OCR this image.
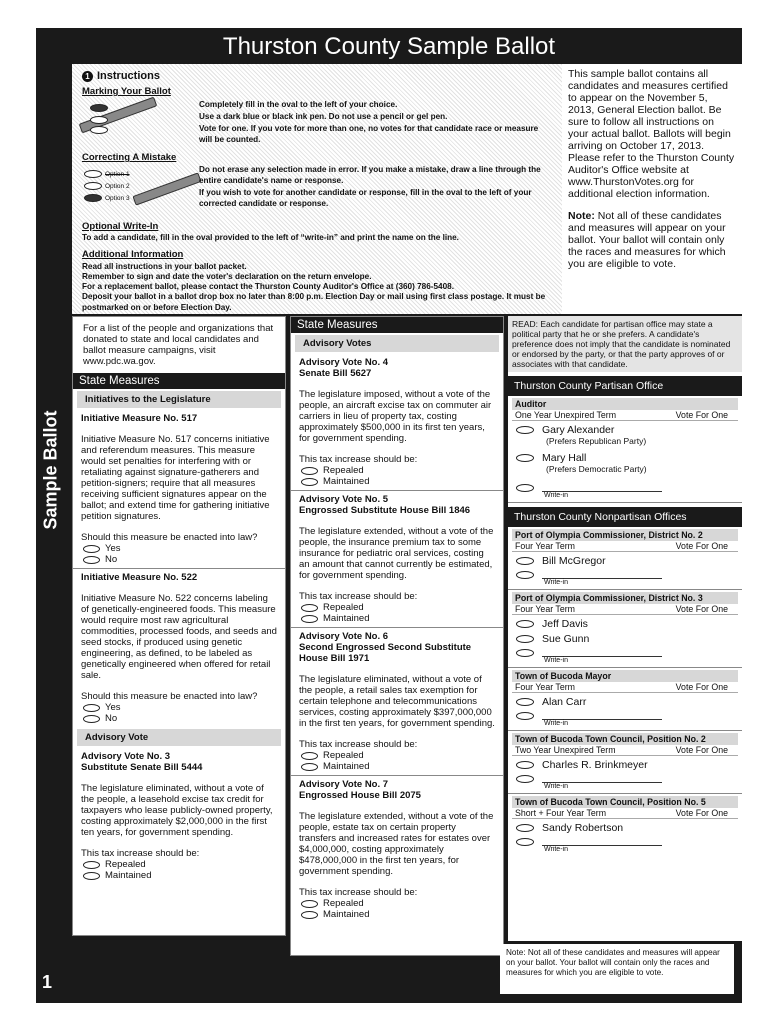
Thurston County Sample Ballot
Sample Ballot
1
1 Instructions
Marking Your Ballot
Completely fill in the oval to the left of your choice.
Use a dark blue or black ink pen. Do not use a pencil or gel pen.
Vote for one. If you vote for more than one, no votes for that candidate race or measure will be counted.
Correcting A Mistake
Option 1
Option 2
Option 3
Do not erase any selection made in error. If you make a mistake, draw a line through the entire candidate's name or response.
If you wish to vote for another candidate or response, fill in the oval to the left of your corrected candidate or response.
Optional Write-In
To add a candidate, fill in the oval provided to the left of “write-in” and print the name on the line.
Additional Information
Read all instructions in your ballot packet.
Remember to sign and date the voter's declaration on the return envelope.
For a replacement ballot, please contact the Thurston County Auditor's Office at (360) 786-5408.
Deposit your ballot in a ballot drop box no later than 8:00 p.m. Election Day or mail using first class postage. It must be postmarked on or before Election Day.

This sample ballot contains all candidates and measures certified to appear on the November 5, 2013, General Election ballot. Be sure to follow all instructions on your actual ballot. Ballots will begin arriving on October 17, 2013. Please refer to the Thurston County Auditor's Office website at www.ThurstonVotes.org for additional election information.

Note: Not all of these candidates and measures will appear on your ballot. Your ballot will contain only the races and measures for which you are eligible to vote.

For a list of the people and organizations that donated to state and local candidates and ballot measure campaigns, visit www.pdc.wa.gov.
State Measures
Initiatives to the Legislature
Initiative Measure No. 517
Initiative Measure No. 517 concerns initiative and referendum measures. This measure would set penalties for interfering with or retaliating against signature-gatherers and petition-signers; require that all measures receiving sufficient signatures appear on the ballot; and extend time for gathering initiative petition signatures.
Should this measure be enacted into law?
Yes
No
Initiative Measure No. 522
Initiative Measure No. 522 concerns labeling of genetically-engineered foods. This measure would require most raw agricultural commodities, processed foods, and seeds and seed stocks, if produced using genetic engineering, as defined, to be labeled as genetically engineered when offered for retail sale.
Should this measure be enacted into law?
Yes
No
Advisory Vote
Advisory Vote No. 3
Substitute Senate Bill 5444
The legislature eliminated, without a vote of the people, a leasehold excise tax credit for taxpayers who lease publicly-owned property, costing approximately $2,000,000 in the first ten years, for government spending.
This tax increase should be:
Repealed
Maintained
State Measures
Advisory Votes
Advisory Vote No. 4
Senate Bill 5627
The legislature imposed, without a vote of the people, an aircraft excise tax on commuter air carriers in lieu of property tax, costing approximately $500,000 in its first ten years, for government spending.
This tax increase should be:
Repealed
Maintained
Advisory Vote No. 5
Engrossed Substitute House Bill 1846
The legislature extended, without a vote of the people, the insurance premium tax to some insurance for pediatric oral services, costing an amount that cannot currently be estimated, for government spending.
This tax increase should be:
Repealed
Maintained
Advisory Vote No. 6
Second Engrossed Second Substitute House Bill 1971
The legislature eliminated, without a vote of the people, a retail sales tax exemption for certain telephone and telecommunications services, costing approximately $397,000,000 in the first ten years, for government spending.
This tax increase should be:
Repealed
Maintained
Advisory Vote No. 7
Engrossed House Bill 2075
The legislature extended, without a vote of the people, estate tax on certain property transfers and increased rates for estates over $4,000,000, costing approximately $478,000,000 in the first ten years, for government spending.
This tax increase should be:
Repealed
Maintained
READ: Each candidate for partisan office may state a political party that he or she prefers. A candidate's preference does not imply that the candidate is nominated or endorsed by the party, or that the party approves of or associates with that candidate.
Thurston County Partisan Office
Auditor
One Year Unexpired Term	Vote For One
Gary Alexander
(Prefers Republican Party)
Mary Hall
(Prefers Democratic Party)
Write-in
Thurston County Nonpartisan Offices
Port of Olympia Commissioner, District No. 2
Four Year Term	Vote For One
Bill McGregor
Write-in
Port of Olympia Commissioner, District No. 3
Four Year Term	Vote For One
Jeff Davis
Sue Gunn
Write-in
Town of Bucoda Mayor
Four Year Term	Vote For One
Alan Carr
Write-in
Town of Bucoda Town Council, Position No. 2
Two Year Unexpired Term	Vote For One
Charles R. Brinkmeyer
Write-in
Town of Bucoda Town Council, Position No. 5
Short + Four Year Term	Vote For One
Sandy Robertson
Write-in
Note: Not all of these candidates and measures will appear on your ballot. Your ballot will contain only the races and measures for which you are eligible to vote.
